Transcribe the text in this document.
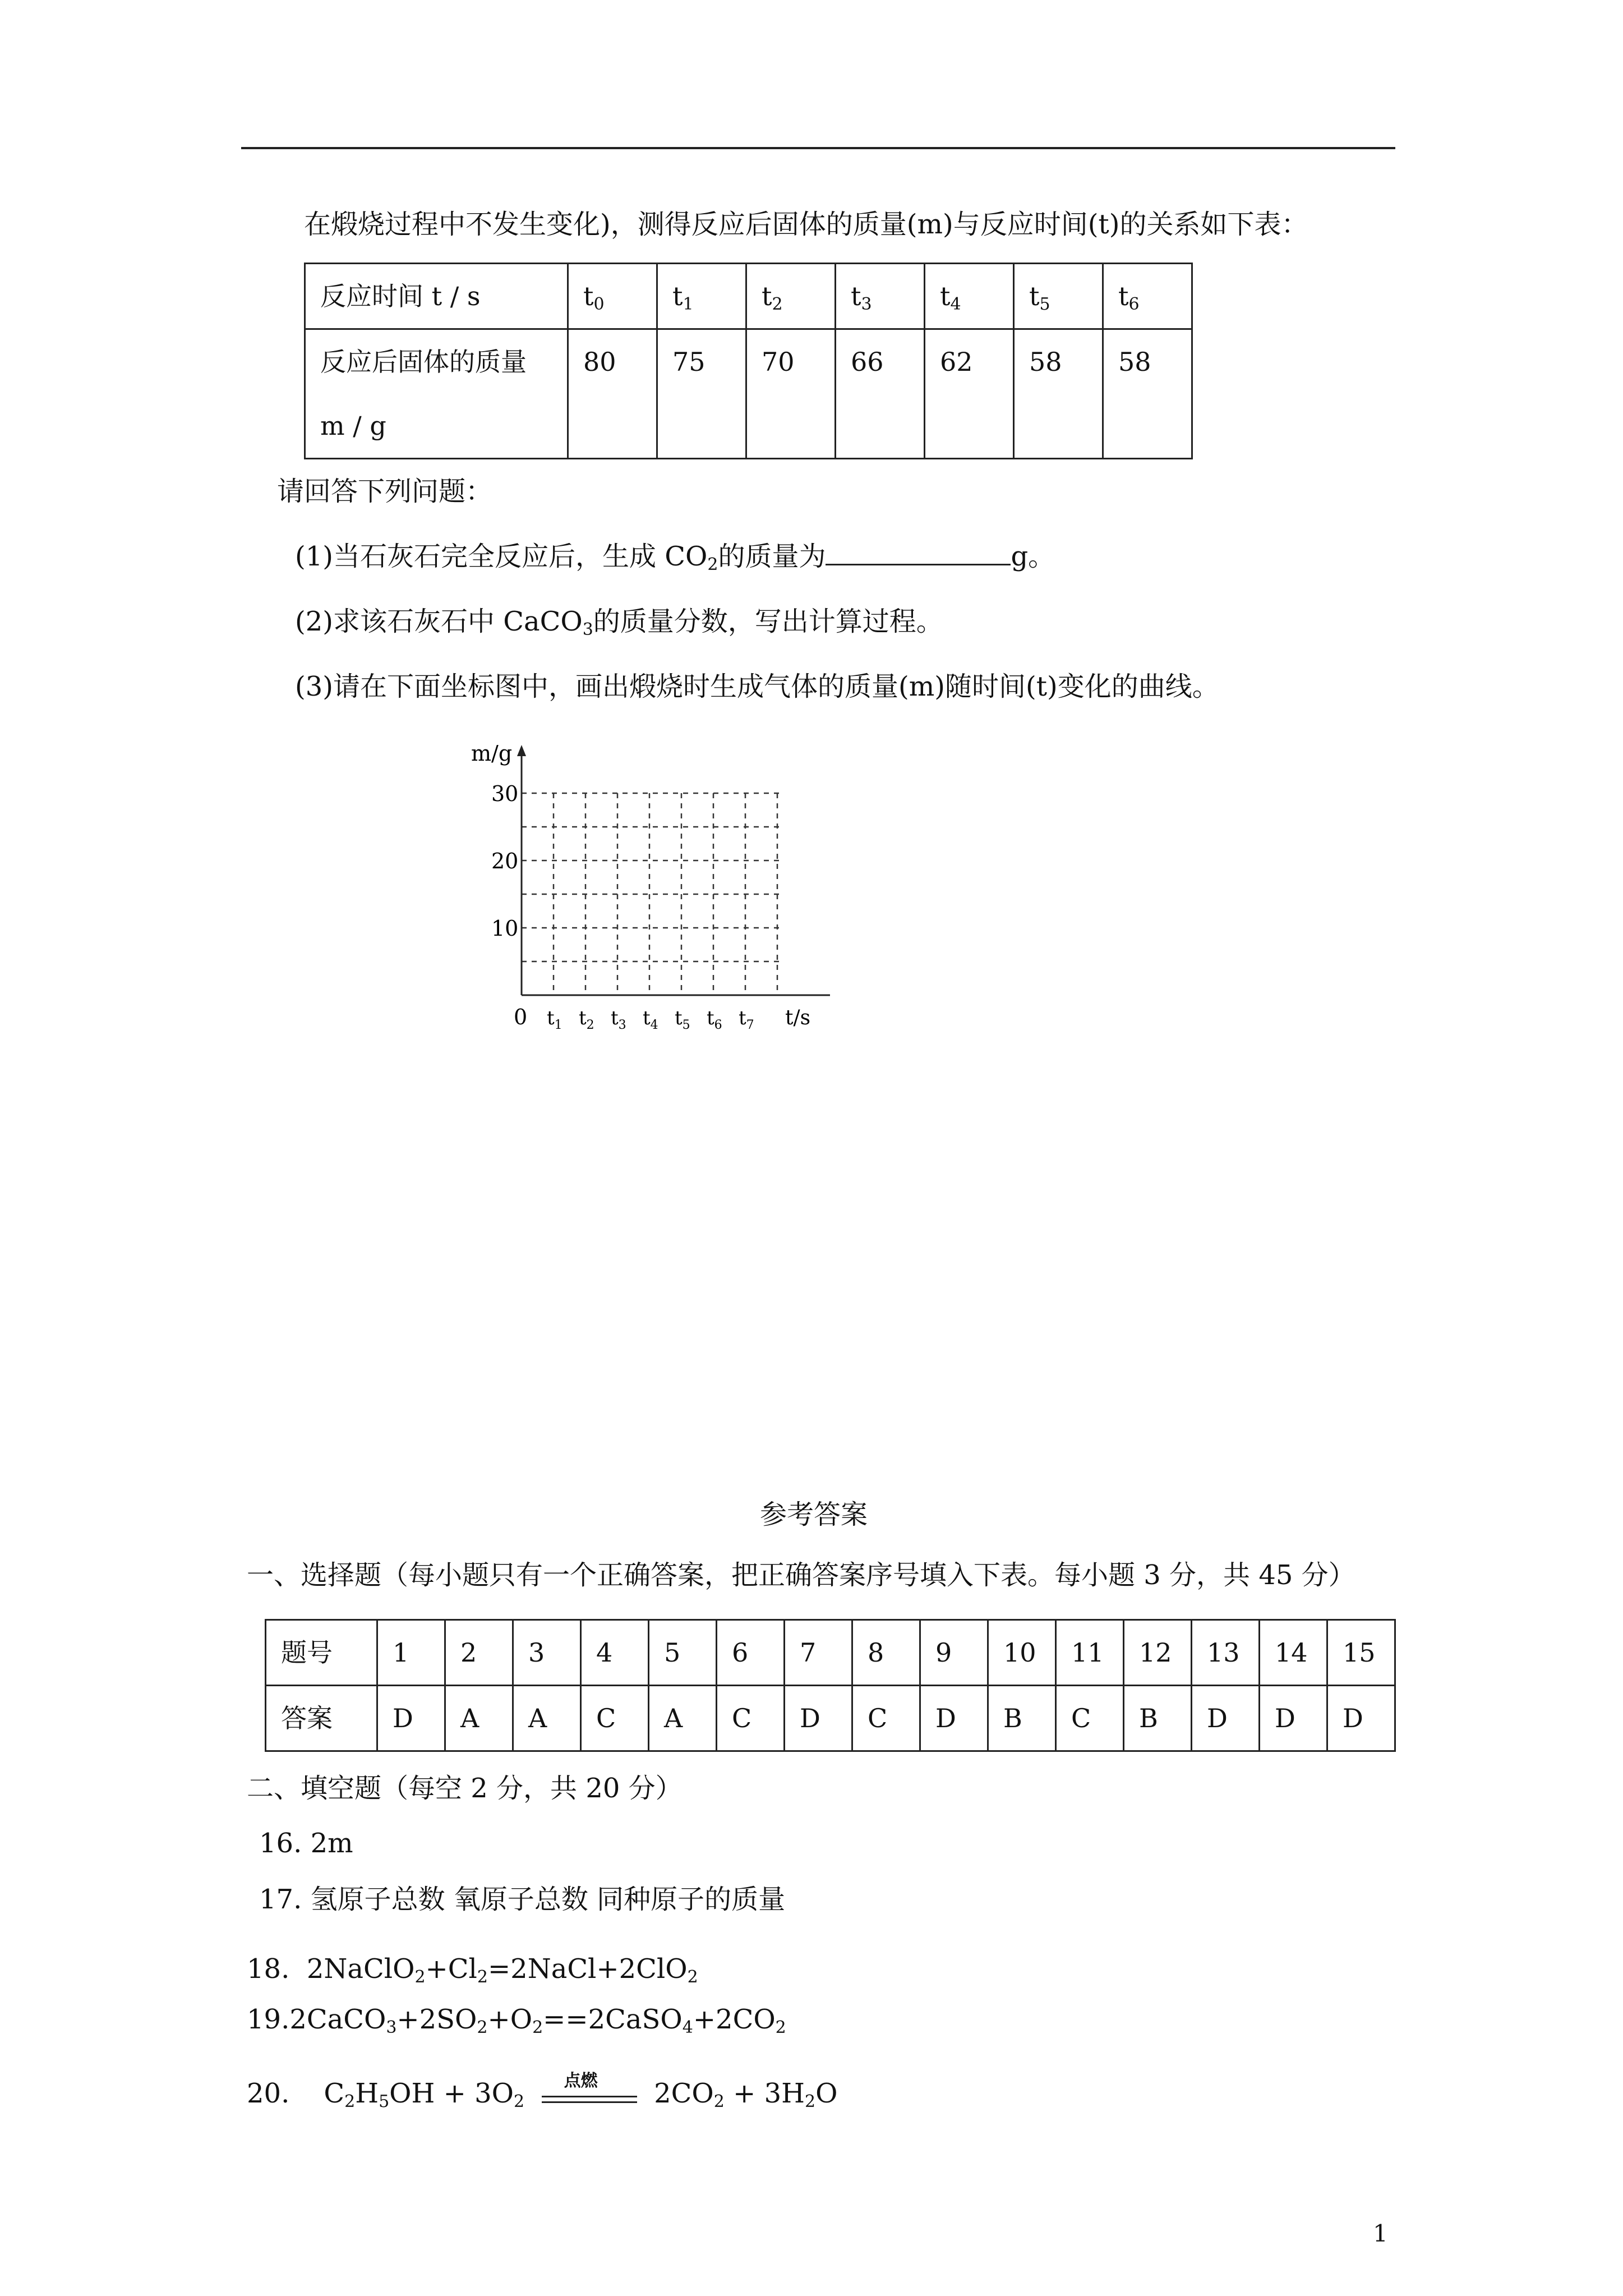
在煅烧过程中不发生变化)，测得反应后固体的质量(m)与反应时间(t)的关系如下表：
反应时间 t / s	$t_0$	$t_1$	$t_2$	$t_3$	$t_4$	$t_5$	$t_6$

反应后固体的质量
m / g	80	75	70	66	62	58	58
请回答下列问题：
(1)当石灰石完全反应后，生成 $CO_2$的质量为	g。
(2)求该石灰石中 CaCO$_3$的质量分数，写出计算过程。
(3)请在下面坐标图中，画出煅烧时生成气体的质量(m)随时间(t)变化的曲线。
m/g
30
20
10
0 $t_1$ $t_2$ $t_3$ $t_4$ $t_5$ $t_6$ $t_7$ t/s
参考答案
一、选择题（每小题只有一个正确答案，把正确答案序号填入下表。每小题 3 分，共 45 分）
题号	1	2	3	4	5	6	7	8	9	10	11	12	13	14	15
答案	D	A	A	C	A	C	D	C	D	B	C	B	D	D	D
二、填空题（每空 2 分，共 20 分）
16. 2m
17. 氢原子总数 氧原子总数 同种原子的质量
18. $2NaClO_2+Cl_2=2NaCl+2ClO_2$
$19.2CaCO_3+2SO_2+O_2==2CaSO_4+2CO_2$
20. $C_2H_5OH + 3O_2$
点燃 $2CO_2 + 3H_2O$
1
